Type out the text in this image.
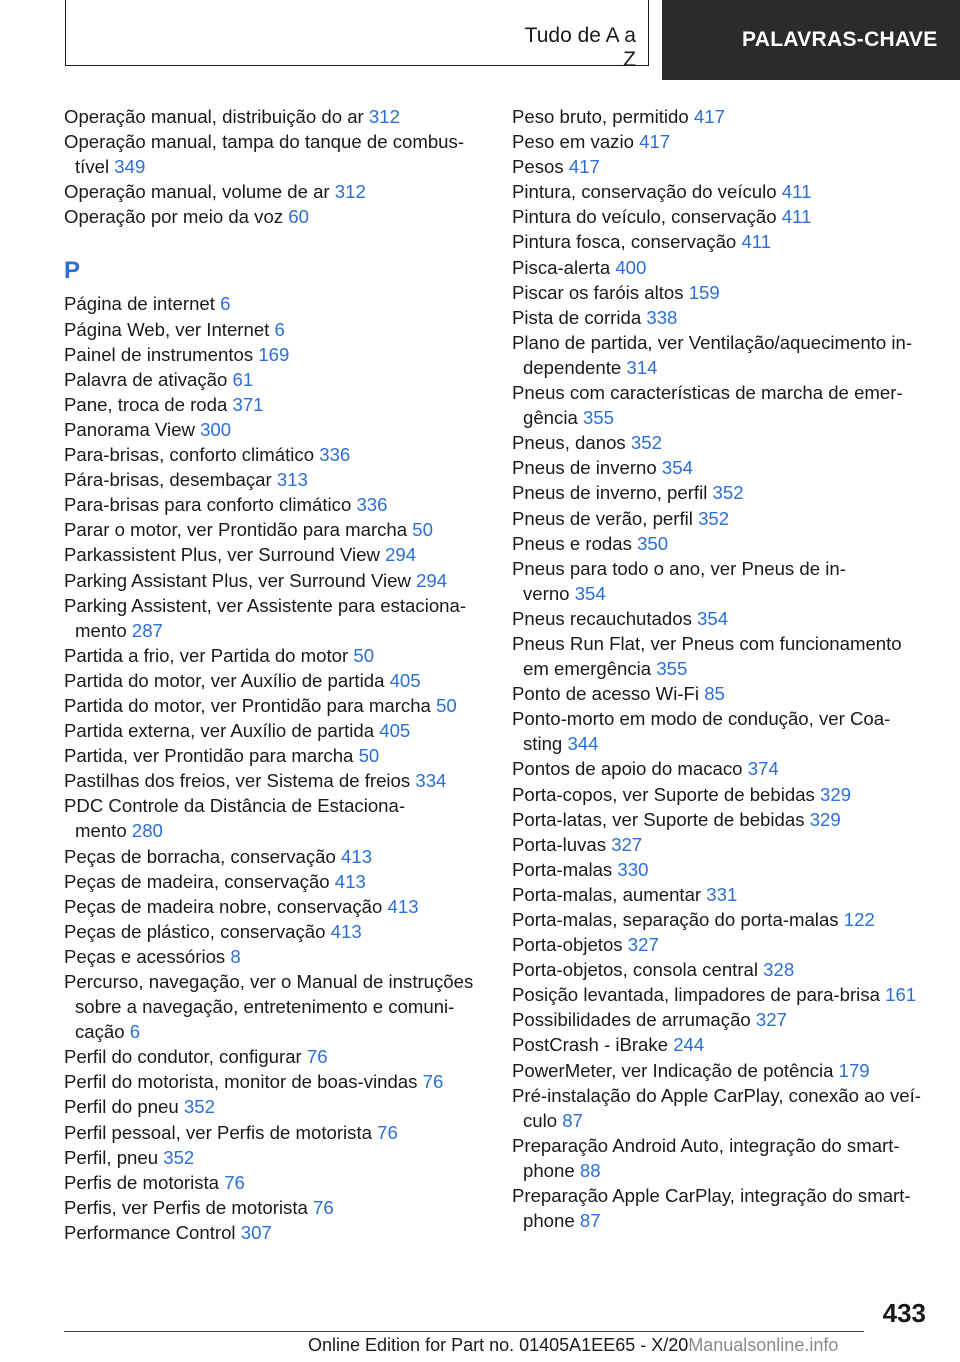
Tudo de A a Z
PALAVRAS-CHAVE
Operação manual, distribuição do ar 312
Operação manual, tampa do tanque de combus-
tível 349
Operação manual, volume de ar 312
Operação por meio da voz 60
P
Página de internet 6
Página Web, ver Internet 6
Painel de instrumentos 169
Palavra de ativação 61
Pane, troca de roda 371
Panorama View 300
Para-brisas, conforto climático 336
Pára-brisas, desembaçar 313
Para-brisas para conforto climático 336
Parar o motor, ver Prontidão para marcha 50
Parkassistent Plus, ver Surround View 294
Parking Assistant Plus, ver Surround View 294
Parking Assistent, ver Assistente para estaciona-
mento 287
Partida a frio, ver Partida do motor 50
Partida do motor, ver Auxílio de partida 405
Partida do motor, ver Prontidão para marcha 50
Partida externa, ver Auxílio de partida 405
Partida, ver Prontidão para marcha 50
Pastilhas dos freios, ver Sistema de freios 334
PDC Controle da Distância de Estaciona-
mento 280
Peças de borracha, conservação 413
Peças de madeira, conservação 413
Peças de madeira nobre, conservação 413
Peças de plástico, conservação 413
Peças e acessórios 8
Percurso, navegação, ver o Manual de instruções
sobre a navegação, entretenimento e comuni-
cação 6
Perfil do condutor, configurar 76
Perfil do motorista, monitor de boas-vindas 76
Perfil do pneu 352
Perfil pessoal, ver Perfis de motorista 76
Perfil, pneu 352
Perfis de motorista 76
Perfis, ver Perfis de motorista 76
Performance Control 307
Peso bruto, permitido 417
Peso em vazio 417
Pesos 417
Pintura, conservação do veículo 411
Pintura do veículo, conservação 411
Pintura fosca, conservação 411
Pisca-alerta 400
Piscar os faróis altos 159
Pista de corrida 338
Plano de partida, ver Ventilação/aquecimento in-
dependente 314
Pneus com características de marcha de emer-
gência 355
Pneus, danos 352
Pneus de inverno 354
Pneus de inverno, perfil 352
Pneus de verão, perfil 352
Pneus e rodas 350
Pneus para todo o ano, ver Pneus de in-
verno 354
Pneus recauchutados 354
Pneus Run Flat, ver Pneus com funcionamento
em emergência 355
Ponto de acesso Wi-Fi 85
Ponto-morto em modo de condução, ver Coa-
sting 344
Pontos de apoio do macaco 374
Porta-copos, ver Suporte de bebidas 329
Porta-latas, ver Suporte de bebidas 329
Porta-luvas 327
Porta-malas 330
Porta-malas, aumentar 331
Porta-malas, separação do porta-malas 122
Porta-objetos 327
Porta-objetos, consola central 328
Posição levantada, limpadores de para-brisa 161
Possibilidades de arrumação 327
PostCrash - iBrake 244
PowerMeter, ver Indicação de potência 179
Pré-instalação do Apple CarPlay, conexão ao veí-
culo 87
Preparação Android Auto, integração do smart-
phone 88
Preparação Apple CarPlay, integração do smart-
phone 87
433
Online Edition for Part no. 01405A1EE65 - X/20Manualsonline.info
